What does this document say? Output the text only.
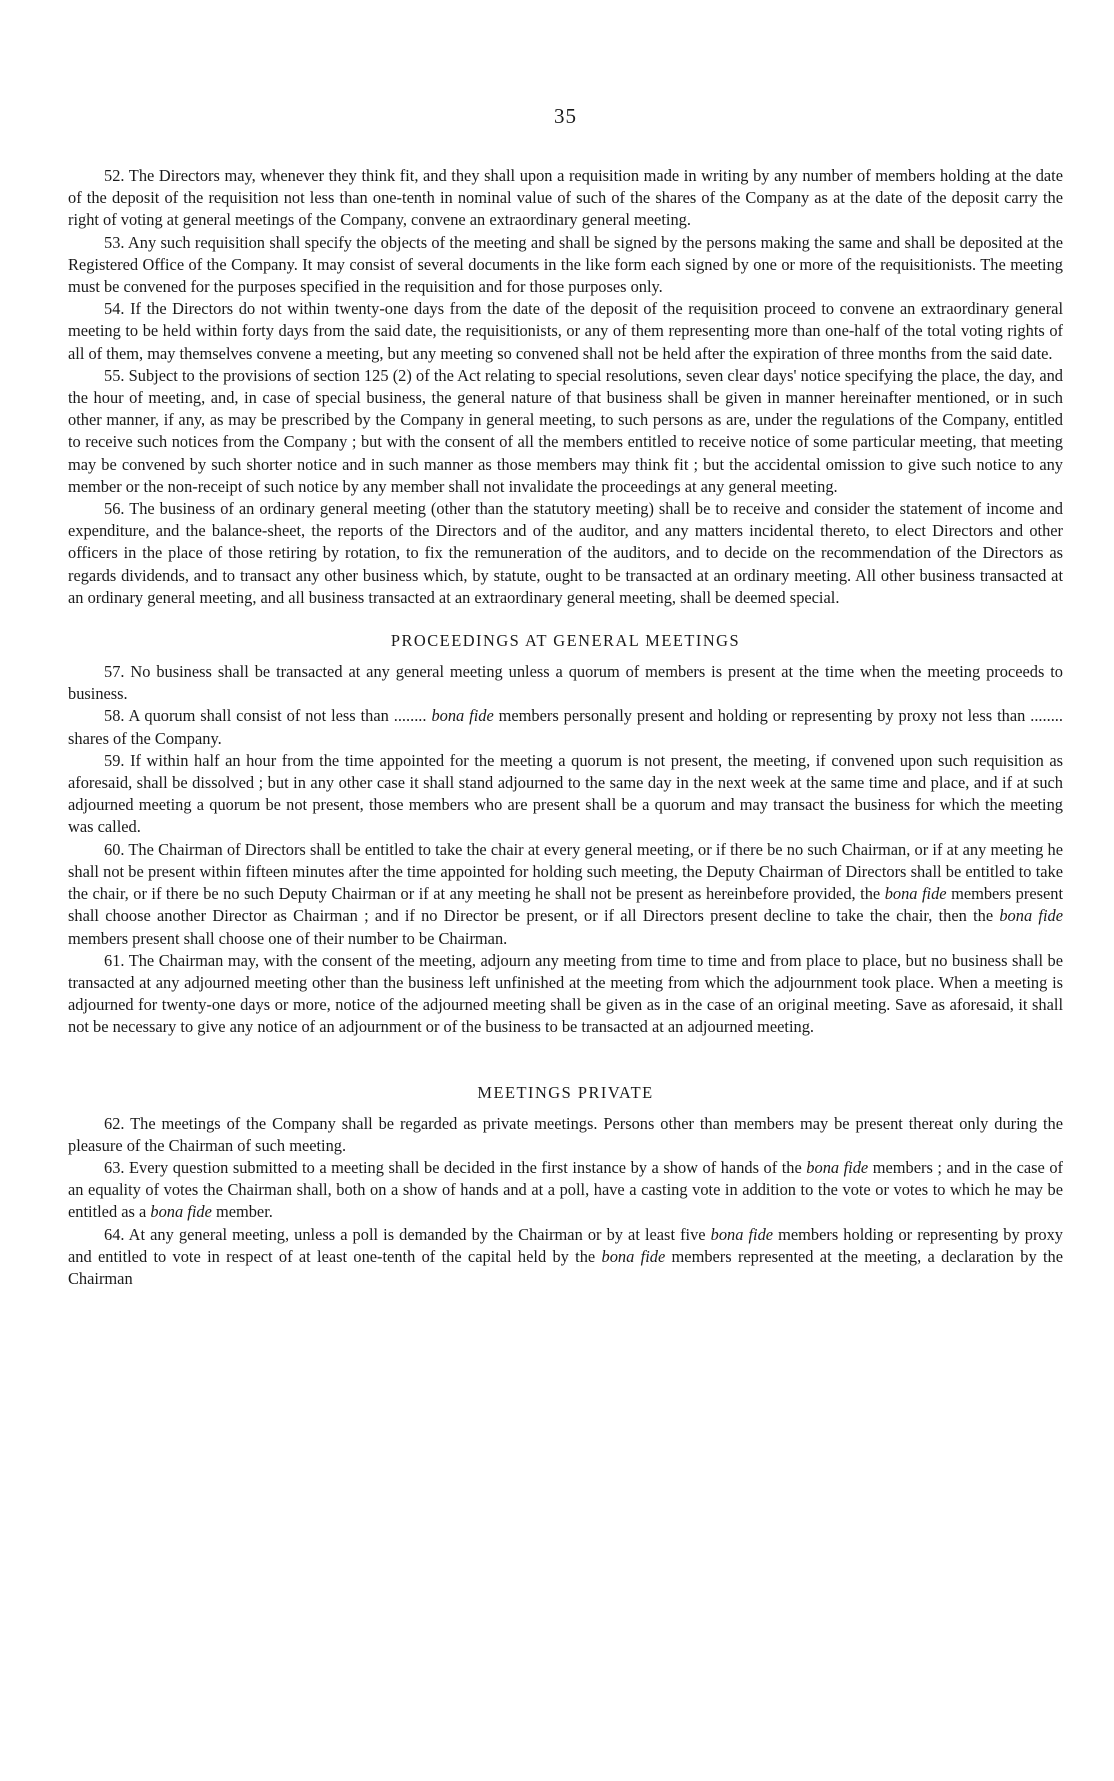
35

52. The Directors may, whenever they think fit, and they shall upon a requisition made in writing by any number of members holding at the date of the deposit of the requisition not less than one-tenth in nominal value of such of the shares of the Company as at the date of the deposit carry the right of voting at general meetings of the Company, convene an extraordinary general meeting.

53. Any such requisition shall specify the objects of the meeting and shall be signed by the persons making the same and shall be deposited at the Registered Office of the Company. It may consist of several documents in the like form each signed by one or more of the requisitionists. The meeting must be convened for the purposes specified in the requisition and for those purposes only.

54. If the Directors do not within twenty-one days from the date of the deposit of the requisition proceed to convene an extraordinary general meeting to be held within forty days from the said date, the requisitionists, or any of them representing more than one-half of the total voting rights of all of them, may themselves convene a meeting, but any meeting so convened shall not be held after the expiration of three months from the said date.

55. Subject to the provisions of section 125 (2) of the Act relating to special resolutions, seven clear days' notice specifying the place, the day, and the hour of meeting, and, in case of special business, the general nature of that business shall be given in manner hereinafter mentioned, or in such other manner, if any, as may be prescribed by the Company in general meeting, to such persons as are, under the regulations of the Company, entitled to receive such notices from the Company ; but with the consent of all the members entitled to receive notice of some particular meeting, that meeting may be convened by such shorter notice and in such manner as those members may think fit ; but the accidental omission to give such notice to any member or the non-receipt of such notice by any member shall not invalidate the proceedings at any general meeting.

56. The business of an ordinary general meeting (other than the statutory meeting) shall be to receive and consider the statement of income and expenditure, and the balance-sheet, the reports of the Directors and of the auditor, and any matters incidental thereto, to elect Directors and other officers in the place of those retiring by rotation, to fix the remuneration of the auditors, and to decide on the recommendation of the Directors as regards dividends, and to transact any other business which, by statute, ought to be transacted at an ordinary meeting. All other business transacted at an ordinary general meeting, and all business transacted at an extraordinary general meeting, shall be deemed special.

PROCEEDINGS AT GENERAL MEETINGS

57. No business shall be transacted at any general meeting unless a quorum of members is present at the time when the meeting proceeds to business.

58. A quorum shall consist of not less than ........ bona fide members personally present and holding or representing by proxy not less than ........ shares of the Company.

59. If within half an hour from the time appointed for the meeting a quorum is not present, the meeting, if convened upon such requisition as aforesaid, shall be dissolved ; but in any other case it shall stand adjourned to the same day in the next week at the same time and place, and if at such adjourned meeting a quorum be not present, those members who are present shall be a quorum and may transact the business for which the meeting was called.

60. The Chairman of Directors shall be entitled to take the chair at every general meeting, or if there be no such Chairman, or if at any meeting he shall not be present within fifteen minutes after the time appointed for holding such meeting, the Deputy Chairman of Directors shall be entitled to take the chair, or if there be no such Deputy Chairman or if at any meeting he shall not be present as hereinbefore provided, the bona fide members present shall choose another Director as Chairman ; and if no Director be present, or if all Directors present decline to take the chair, then the bona fide members present shall choose one of their number to be Chairman.

61. The Chairman may, with the consent of the meeting, adjourn any meeting from time to time and from place to place, but no business shall be transacted at any adjourned meeting other than the business left unfinished at the meeting from which the adjournment took place. When a meeting is adjourned for twenty-one days or more, notice of the adjourned meeting shall be given as in the case of an original meeting. Save as aforesaid, it shall not be necessary to give any notice of an adjournment or of the business to be transacted at an adjourned meeting.

MEETINGS PRIVATE

62. The meetings of the Company shall be regarded as private meetings. Persons other than members may be present thereat only during the pleasure of the Chairman of such meeting.

63. Every question submitted to a meeting shall be decided in the first instance by a show of hands of the bona fide members ; and in the case of an equality of votes the Chairman shall, both on a show of hands and at a poll, have a casting vote in addition to the vote or votes to which he may be entitled as a bona fide member.

64. At any general meeting, unless a poll is demanded by the Chairman or by at least five bona fide members holding or representing by proxy and entitled to vote in respect of at least one-tenth of the capital held by the bona fide members represented at the meeting, a declaration by the Chairman
